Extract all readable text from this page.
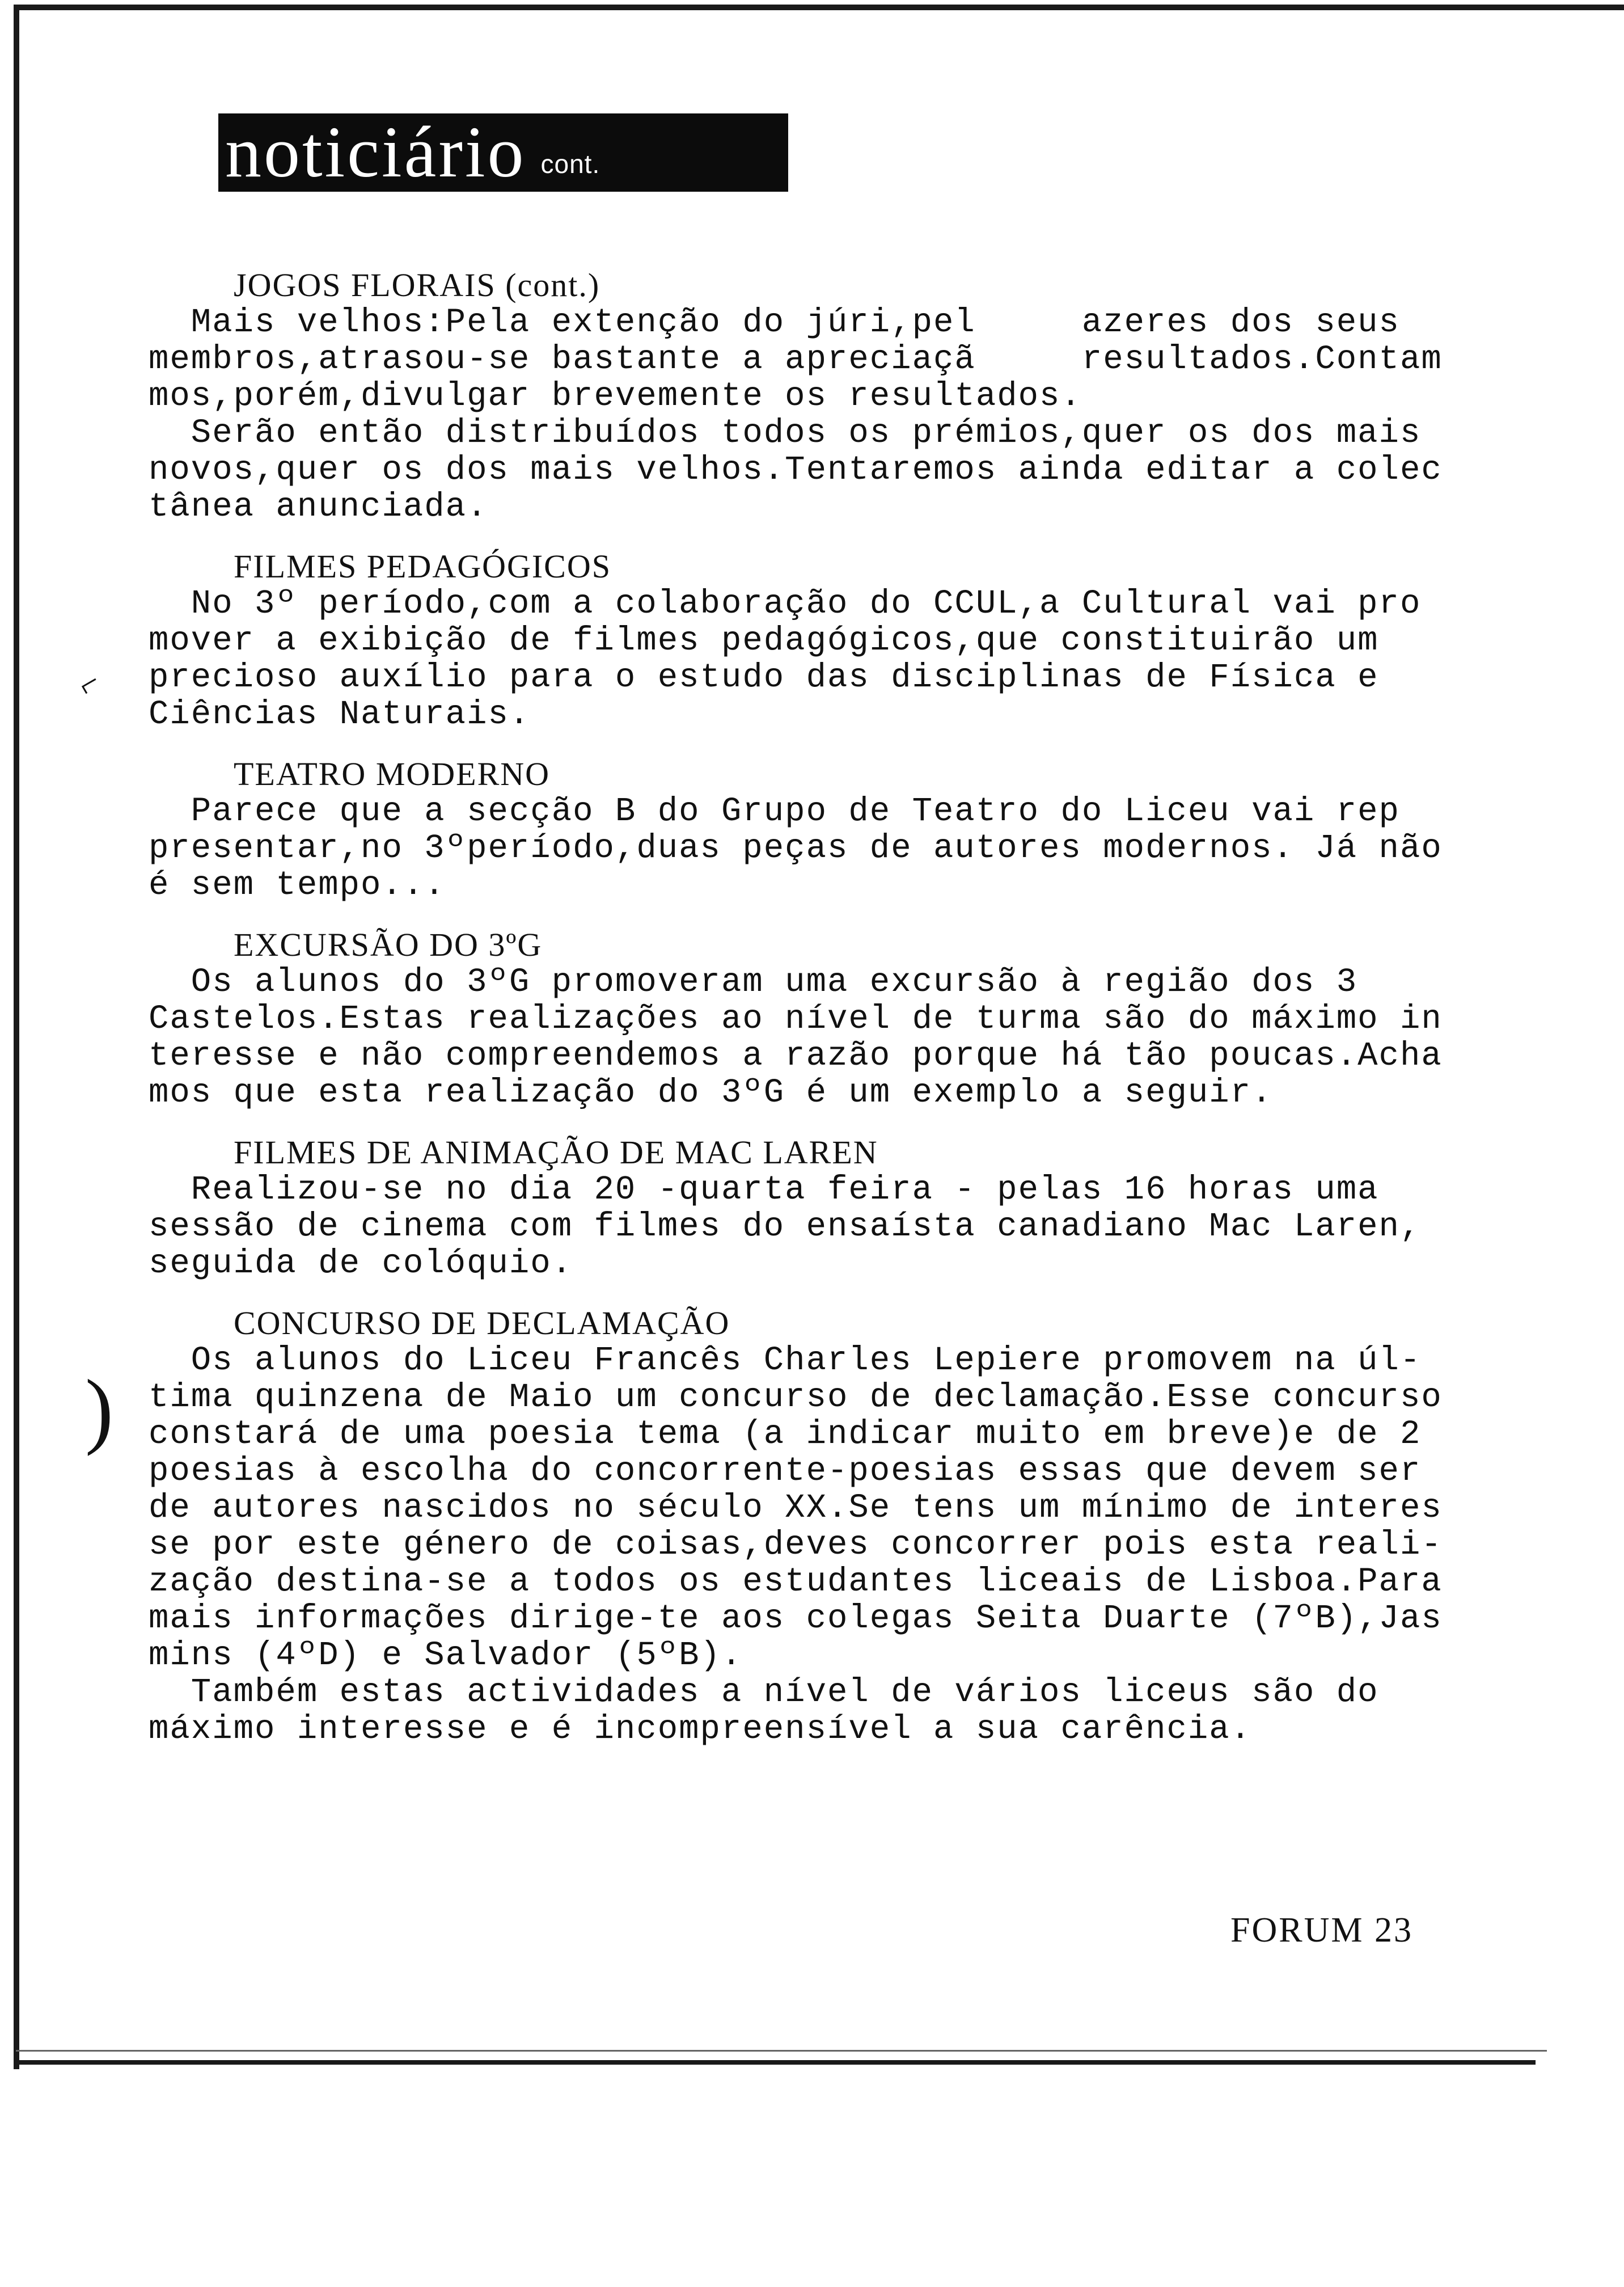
noticiário cont.
⌐
)
JOGOS FLORAIS (cont.)
Mais velhos:Pela extenção do júri,pel     azeres dos seus
membros,atrasou-se bastante a apreciaçã     resultados.Contam
mos,porém,divulgar brevemente os resultados.
Serão então distribuídos todos os prémios,quer os dos mais
novos,quer os dos mais velhos.Tentaremos ainda editar a colec
tânea anunciada.
FILMES PEDAGÓGICOS
No 3º período,com a colaboração do CCUL,a Cultural vai pro
mover a exibição de filmes pedagógicos,que constituirão um
precioso auxílio para o estudo das disciplinas de Física e
Ciências Naturais.
TEATRO MODERNO
Parece que a secção B do Grupo de Teatro do Liceu vai rep
presentar,no 3ºperíodo,duas peças de autores modernos. Já não
é sem tempo...
EXCURSÃO DO 3ºG
Os alunos do 3ºG promoveram uma excursão à região dos 3
Castelos.Estas realizações ao nível de turma são do máximo in
teresse e não compreendemos a razão porque há tão poucas.Acha
mos que esta realização do 3ºG é um exemplo a seguir.
FILMES DE ANIMAÇÃO DE MAC LAREN
Realizou-se no dia 20 -quarta feira - pelas 16 horas uma
sessão de cinema com filmes do ensaísta canadiano Mac Laren,
seguida de colóquio.
CONCURSO DE DECLAMAÇÃO
Os alunos do Liceu Francês Charles Lepiere promovem na úl-
tima quinzena de Maio um concurso de declamação.Esse concurso
constará de uma poesia tema (a indicar muito em breve)e de 2
poesias à escolha do concorrente-poesias essas que devem ser
de autores nascidos no século XX.Se tens um mínimo de interes
se por este género de coisas,deves concorrer pois esta reali-
zação destina-se a todos os estudantes liceais de Lisboa.Para
mais informações dirige-te aos colegas Seita Duarte (7ºB),Jas
mins (4ºD) e Salvador (5ºB).
Também estas actividades a nível de vários liceus são do
máximo interesse e é incompreensível a sua carência.
FORUM 23
